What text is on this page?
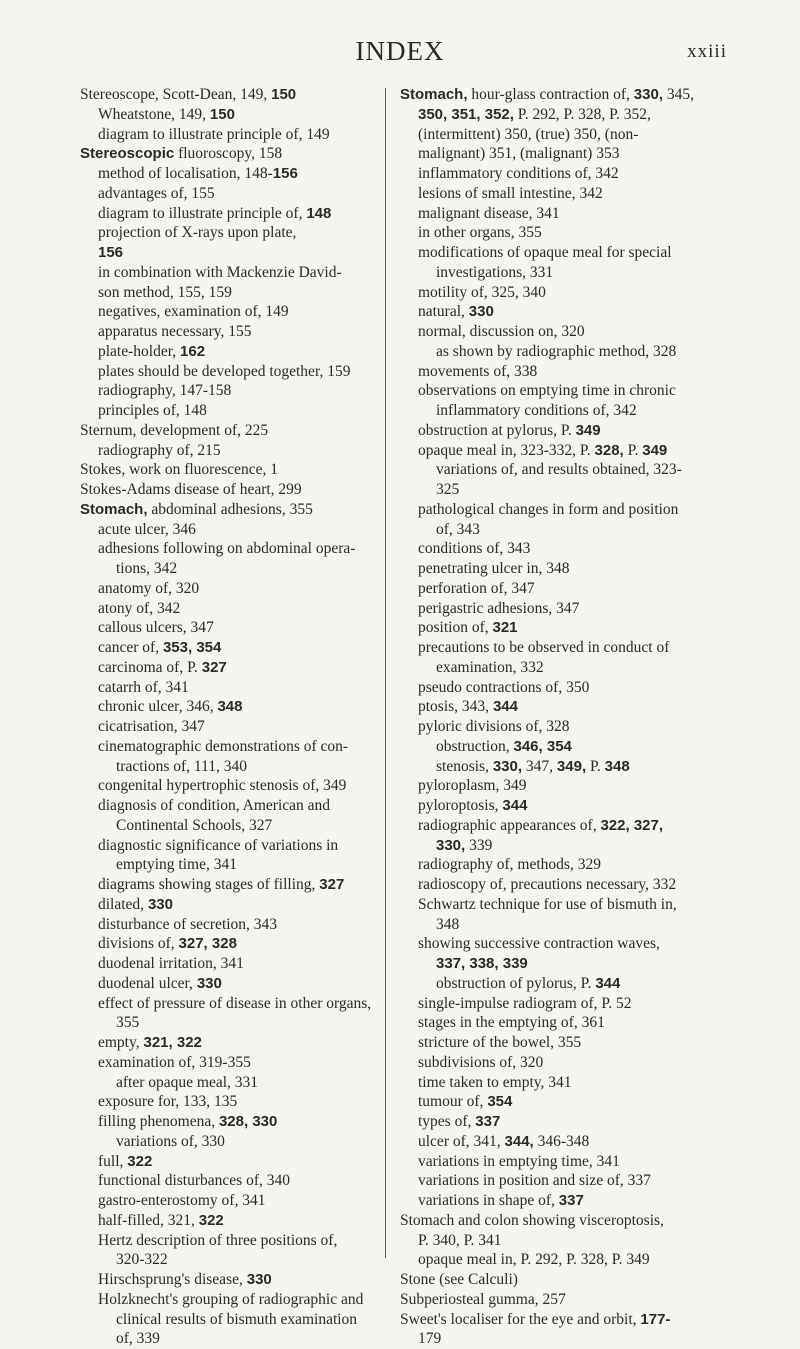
INDEX	xxiii
Stereoscope, Scott-Dean, 149, 150
Wheatstone, 149, 150
diagram to illustrate principle of, 149
Stereoscopic fluoroscopy, 158
method of localisation, 148-156
advantages of, 155
diagram to illustrate principle of, 148
projection of X-rays upon plate,
156
in combination with Mackenzie David-
son method, 155, 159
negatives, examination of, 149
apparatus necessary, 155
plate-holder, 162
plates should be developed together, 159
radiography, 147-158
principles of, 148
Sternum, development of, 225
radiography of, 215
Stokes, work on fluorescence, 1
Stokes-Adams disease of heart, 299
Stomach, abdominal adhesions, 355
acute ulcer, 346
adhesions following on abdominal opera-
tions, 342
anatomy of, 320
atony of, 342
callous ulcers, 347
cancer of, 353, 354
carcinoma of, P. 327
catarrh of, 341
chronic ulcer, 346, 348
cicatrisation, 347
cinematographic demonstrations of con-
tractions of, 111, 340
congenital hypertrophic stenosis of, 349
diagnosis of condition, American and
Continental Schools, 327
diagnostic significance of variations in
emptying time, 341
diagrams showing stages of filling, 327
dilated, 330
disturbance of secretion, 343
divisions of, 327, 328
duodenal irritation, 341
duodenal ulcer, 330
effect of pressure of disease in other organs,
355
empty, 321, 322
examination of, 319-355
after opaque meal, 331
exposure for, 133, 135
filling phenomena, 328, 330
variations of, 330
full, 322
functional disturbances of, 340
gastro-enterostomy of, 341
half-filled, 321, 322
Hertz description of three positions of,
320-322
Hirschsprung's disease, 330
Holzknecht's grouping of radiographic and
clinical results of bismuth examination
of, 339
Stomach, hour-glass contraction of, 330, 345,
350, 351, 352, P. 292, P. 328, P. 352,
(intermittent) 350, (true) 350, (non-
malignant) 351, (malignant) 353
inflammatory conditions of, 342
lesions of small intestine, 342
malignant disease, 341
in other organs, 355
modifications of opaque meal for special
investigations, 331
motility of, 325, 340
natural, 330
normal, discussion on, 320
as shown by radiographic method, 328
movements of, 338
observations on emptying time in chronic
inflammatory conditions of, 342
obstruction at pylorus, P. 349
opaque meal in, 323-332, P. 328, P. 349
variations of, and results obtained, 323-
325
pathological changes in form and position
of, 343
conditions of, 343
penetrating ulcer in, 348
perforation of, 347
perigastric adhesions, 347
position of, 321
precautions to be observed in conduct of
examination, 332
pseudo contractions of, 350
ptosis, 343, 344
pyloric divisions of, 328
obstruction, 346, 354
stenosis, 330, 347, 349, P. 348
pyloroplasm, 349
pyloroptosis, 344
radiographic appearances of, 322, 327,
330, 339
radiography of, methods, 329
radioscopy of, precautions necessary, 332
Schwartz technique for use of bismuth in,
348
showing successive contraction waves,
337, 338, 339
obstruction of pylorus, P. 344
single-impulse radiogram of, P. 52
stages in the emptying of, 361
stricture of the bowel, 355
subdivisions of, 320
time taken to empty, 341
tumour of, 354
types of, 337
ulcer of, 341, 344, 346-348
variations in emptying time, 341
variations in position and size of, 337
variations in shape of, 337
Stomach and colon showing visceroptosis,
P. 340, P. 341
opaque meal in, P. 292, P. 328, P. 349
Stone (see Calculi)
Subperiosteal gumma, 257
Sweet's localiser for the eye and orbit, 177-
179
